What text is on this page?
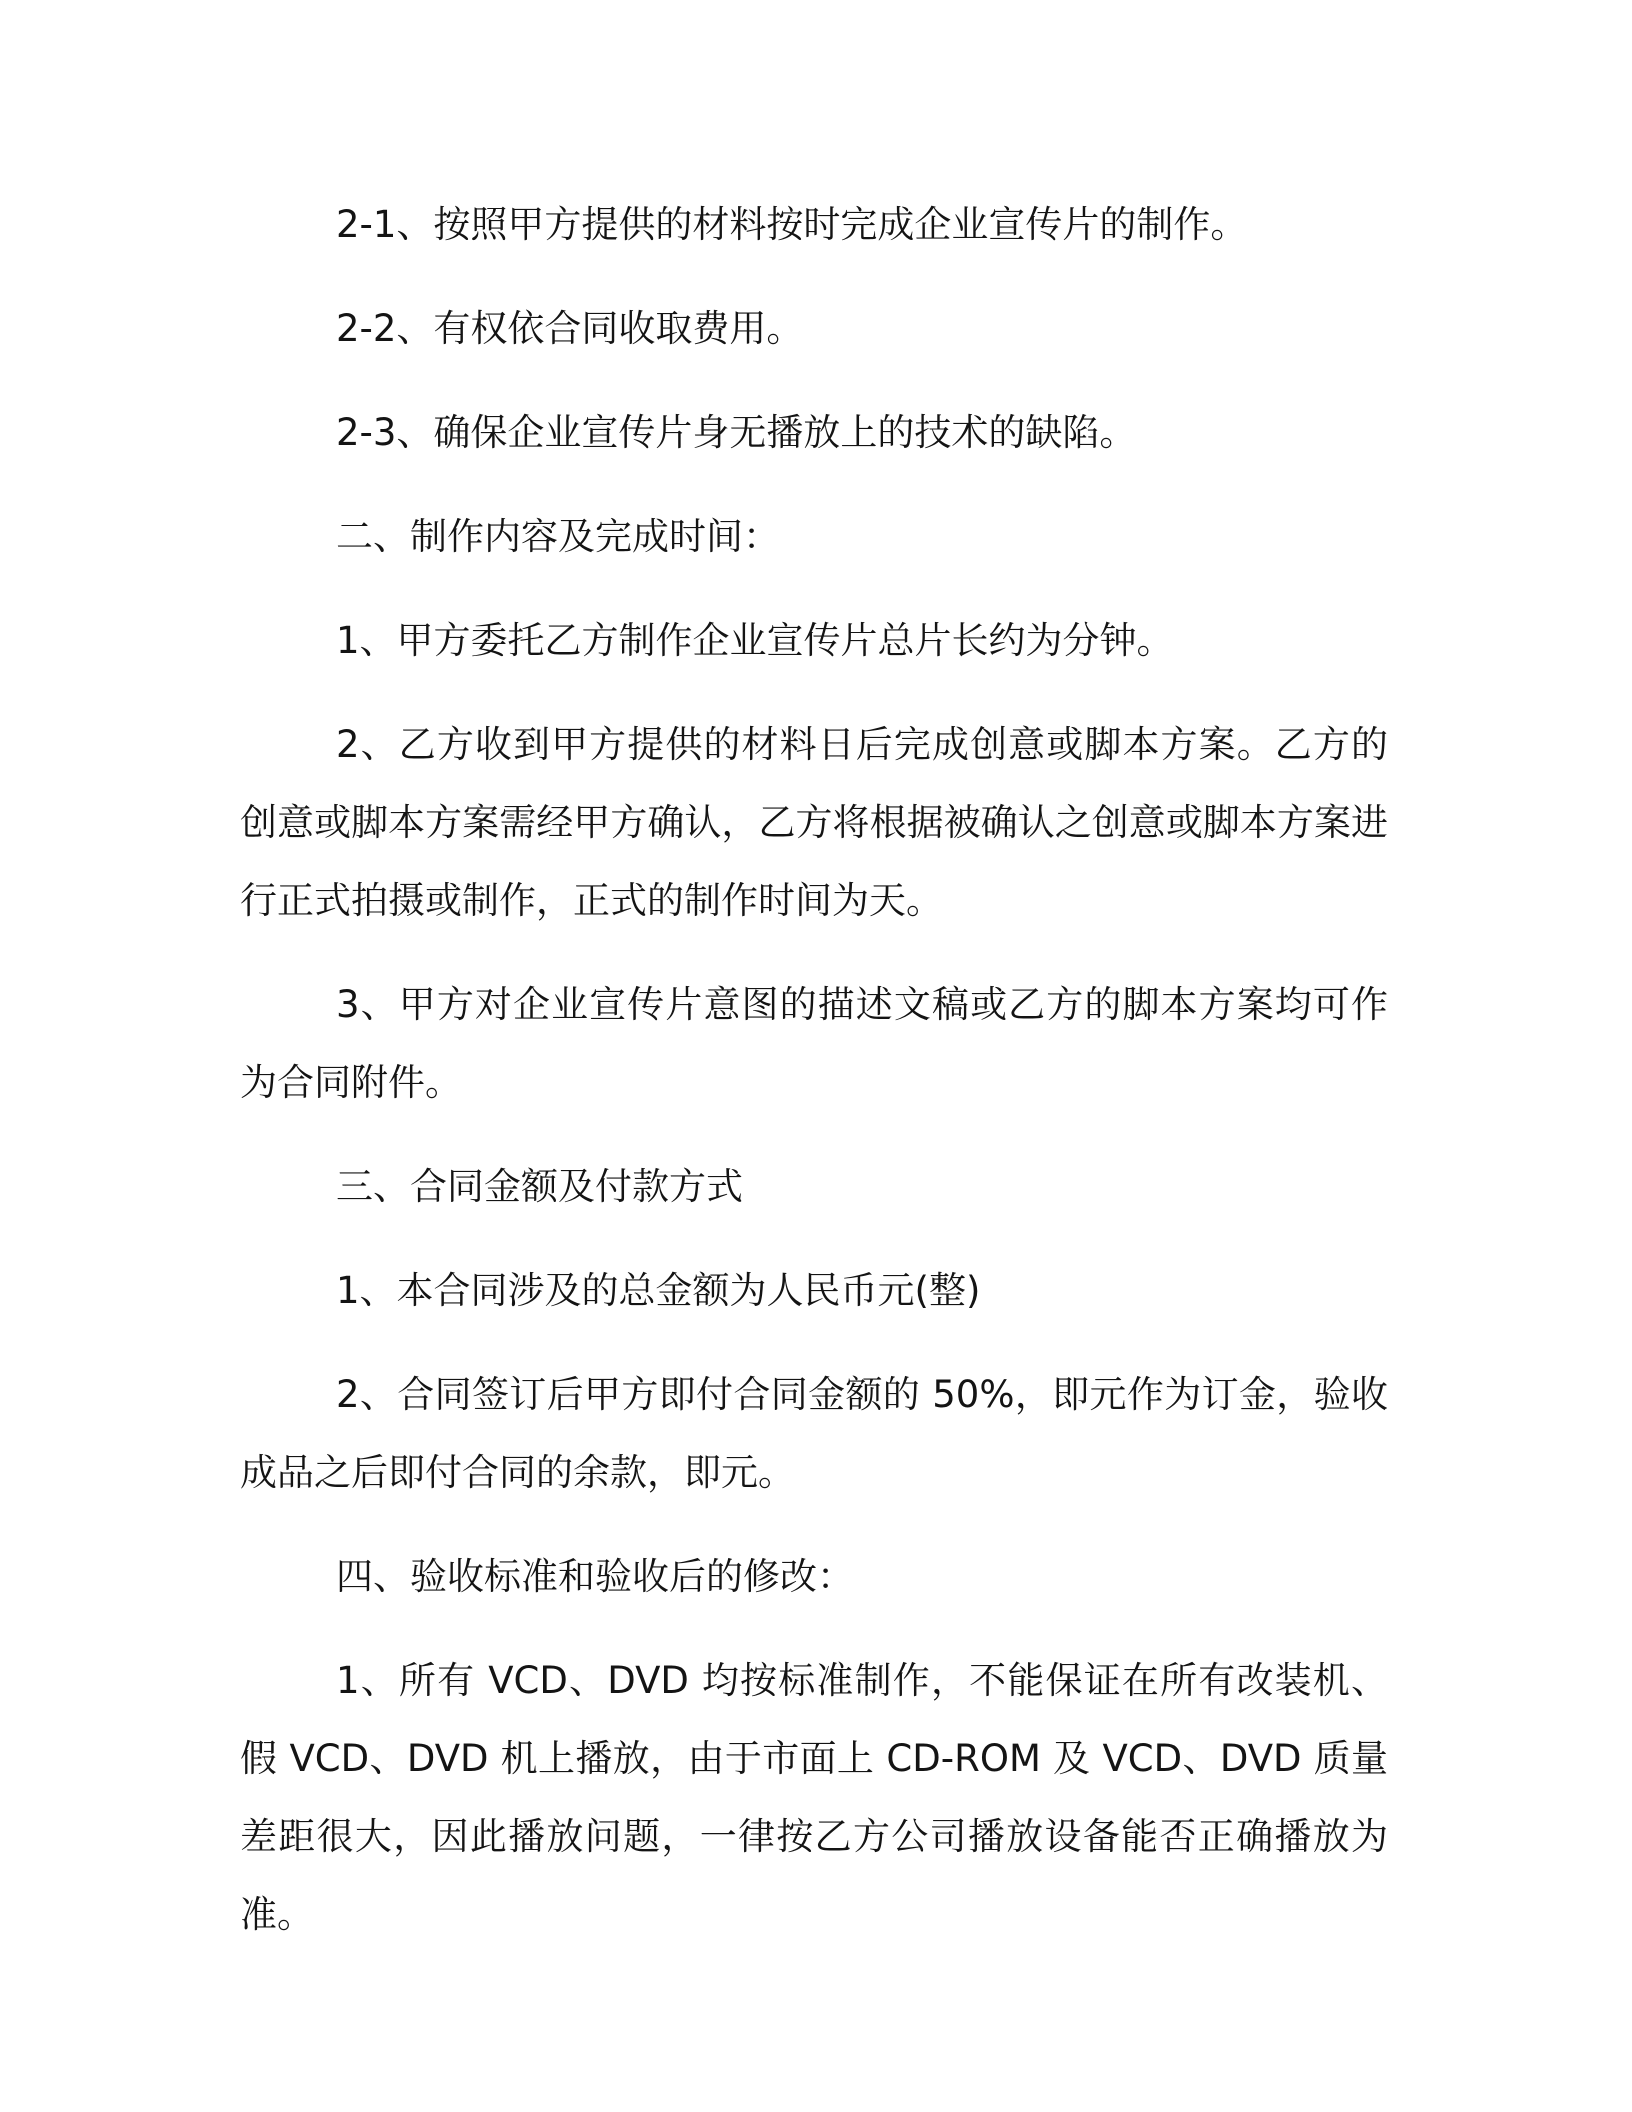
2-1、按照甲方提供的材料按时完成企业宣传片的制作。

2-2、有权依合同收取费用。

2-3、确保企业宣传片身无播放上的技术的缺陷。

二、制作内容及完成时间：

1、甲方委托乙方制作企业宣传片总片长约为分钟。

2、乙方收到甲方提供的材料日后完成创意或脚本方案。乙方的创意或脚本方案需经甲方确认，乙方将根据被确认之创意或脚本方案进行正式拍摄或制作，正式的制作时间为天。

3、甲方对企业宣传片意图的描述文稿或乙方的脚本方案均可作为合同附件。

三、合同金额及付款方式

1、本合同涉及的总金额为人民币元(整)

2、合同签订后甲方即付合同金额的 50%，即元作为订金，验收成品之后即付合同的余款，即元。

四、验收标准和验收后的修改：

1、所有 VCD、DVD 均按标准制作，不能保证在所有改装机、假 VCD、DVD 机上播放，由于市面上 CD-ROM 及 VCD、DVD 质量差距很大，因此播放问题，一律按乙方公司播放设备能否正确播放为准。
